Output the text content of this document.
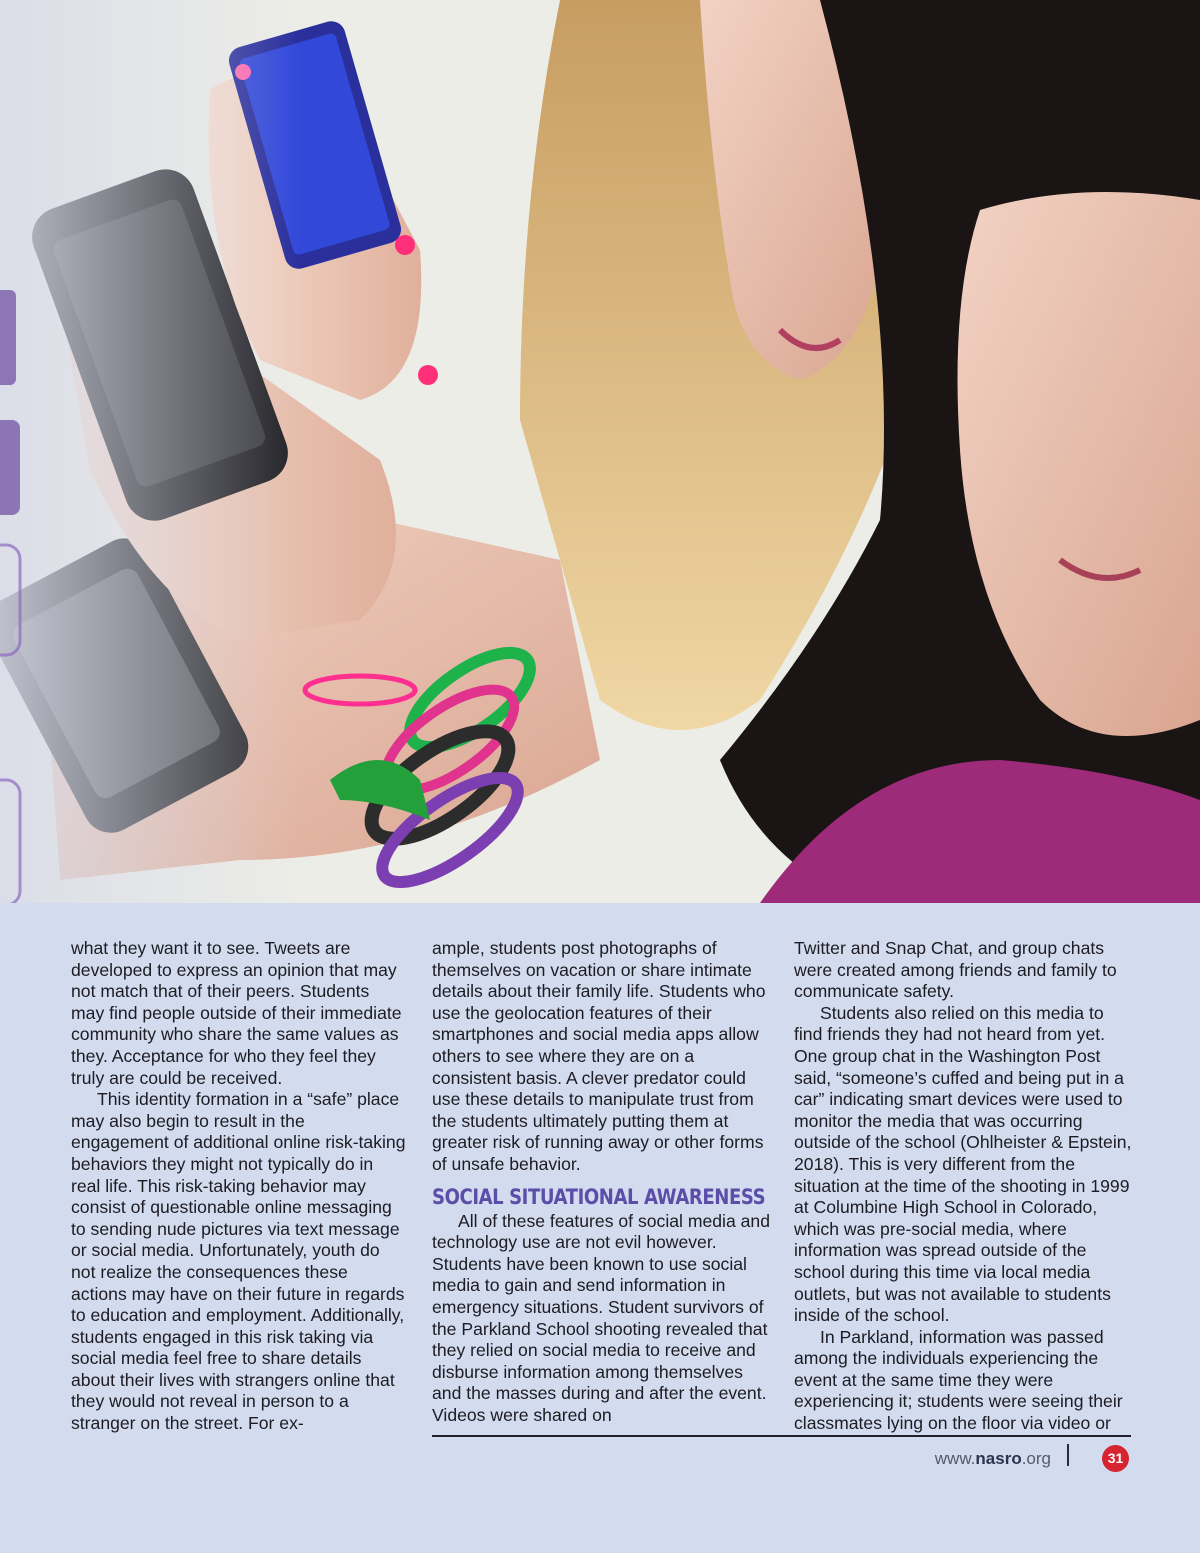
what they want it to see. Tweets are developed to express an opinion that may not match that of their peers. Students may find people outside of their immediate community who share the same values as they. Acceptance for who they feel they truly are could be received.

This identity formation in a “safe” place may also begin to result in the engagement of additional online risk-taking behaviors they might not typically do in real life. This risk-taking behavior may consist of questionable online messaging to sending nude pictures via text message or social media. Unfortunately, youth do not realize the consequences these actions may have on their future in regards to education and employment. Additionally, students engaged in this risk taking via social media feel free to share details about their lives with strangers online that they would not reveal in person to a stranger on the street. For ex-

ample, students post photographs of themselves on vacation or share intimate details about their family life. Students who use the geolocation features of their smartphones and social media apps allow others to see where they are on a consistent basis. A clever predator could use these details to manipulate trust from the students ultimately putting them at greater risk of running away or other forms of unsafe behavior.

SOCIAL SITUATIONAL AWARENESS

All of these features of social media and technology use are not evil however. Students have been known to use social media to gain and send information in emergency situations. Student survivors of the Parkland School shooting revealed that they relied on social media to receive and disburse information among themselves and the masses during and after the event. Videos were shared on

Twitter and Snap Chat, and group chats were created among friends and family to communicate safety.

Students also relied on this media to find friends they had not heard from yet. One group chat in the Washington Post said, “someone’s cuffed and being put in a car” indicating smart devices were used to monitor the media that was occurring outside of the school (Ohlheister & Epstein, 2018). This is very different from the situation at the time of the shooting in 1999 at Columbine High School in Colorado, which was pre-social media, where information was spread outside of the school during this time via local media outlets, but was not available to students inside of the school.

In Parkland, information was passed among the individuals experiencing the event at the same time they were experiencing it; students were seeing their classmates lying on the floor via video or

www.nasro.org	31
